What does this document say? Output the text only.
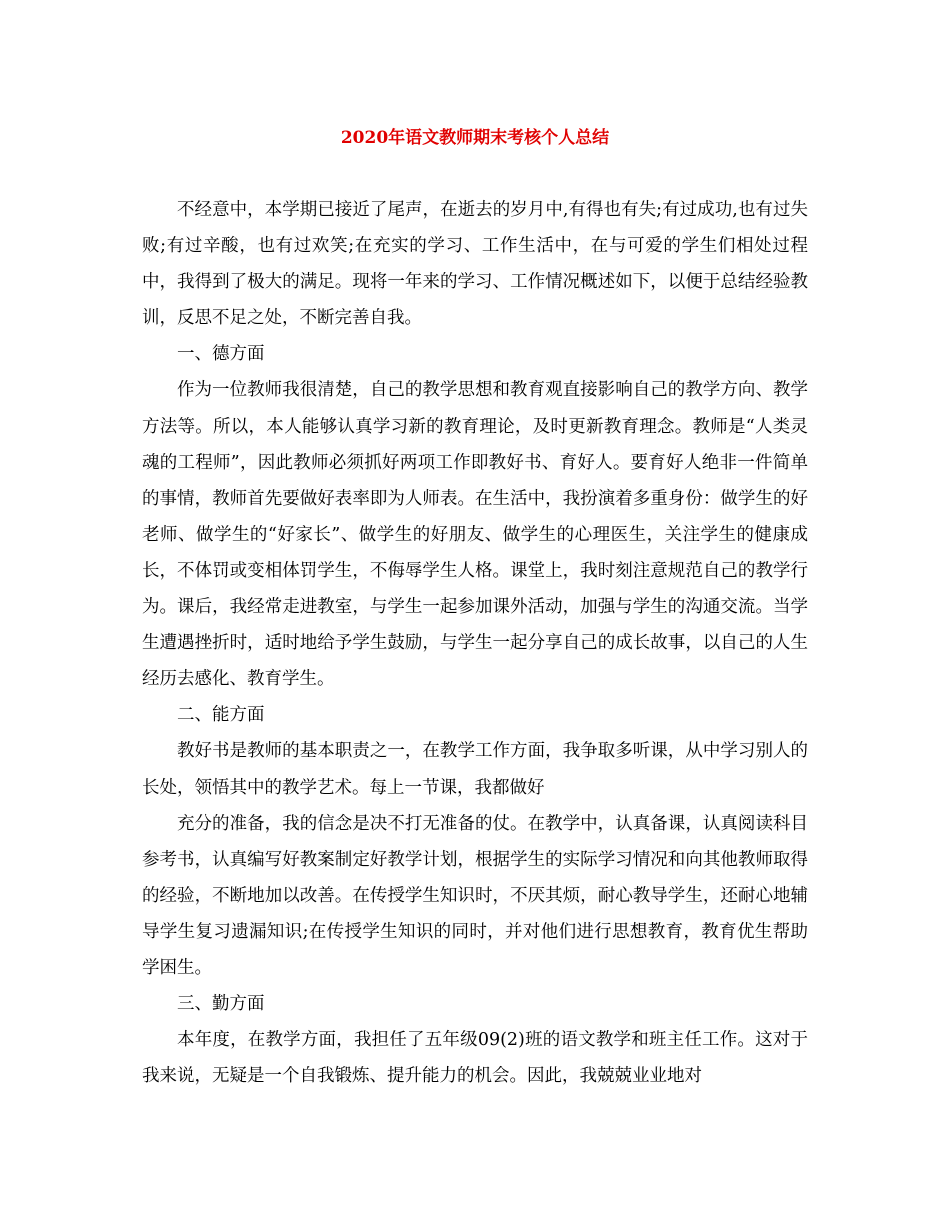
2020年语文教师期末考核个人总结

不经意中，本学期已接近了尾声，在逝去的岁月中,有得也有失;有过成功,也有过失败;有过辛酸，也有过欢笑;在充实的学习、工作生活中，在与可爱的学生们相处过程中，我得到了极大的满足。现将一年来的学习、工作情况概述如下，以便于总结经验教训，反思不足之处，不断完善自我。

一、德方面

作为一位教师我很清楚，自己的教学思想和教育观直接影响自己的教学方向、教学方法等。所以，本人能够认真学习新的教育理论，及时更新教育理念。教师是“人类灵魂的工程师”，因此教师必须抓好两项工作即教好书、育好人。要育好人绝非一件简单的事情，教师首先要做好表率即为人师表。在生活中，我扮演着多重身份：做学生的好老师、做学生的“好家长”、做学生的好朋友、做学生的心理医生，关注学生的健康成长，不体罚或变相体罚学生，不侮辱学生人格。课堂上，我时刻注意规范自己的教学行为。课后，我经常走进教室，与学生一起参加课外活动，加强与学生的沟通交流。当学生遭遇挫折时，适时地给予学生鼓励，与学生一起分享自己的成长故事，以自己的人生经历去感化、教育学生。

二、能方面

教好书是教师的基本职责之一，在教学工作方面，我争取多听课，从中学习别人的长处，领悟其中的教学艺术。每上一节课，我都做好

充分的准备，我的信念是决不打无准备的仗。在教学中，认真备课，认真阅读科目参考书，认真编写好教案制定好教学计划，根据学生的实际学习情况和向其他教师取得的经验，不断地加以改善。在传授学生知识时，不厌其烦，耐心教导学生，还耐心地辅导学生复习遗漏知识;在传授学生知识的同时，并对他们进行思想教育，教育优生帮助学困生。

三、勤方面

本年度，在教学方面，我担任了五年级09(2)班的语文教学和班主任工作。这对于我来说，无疑是一个自我锻炼、提升能力的机会。因此，我兢兢业业地对
